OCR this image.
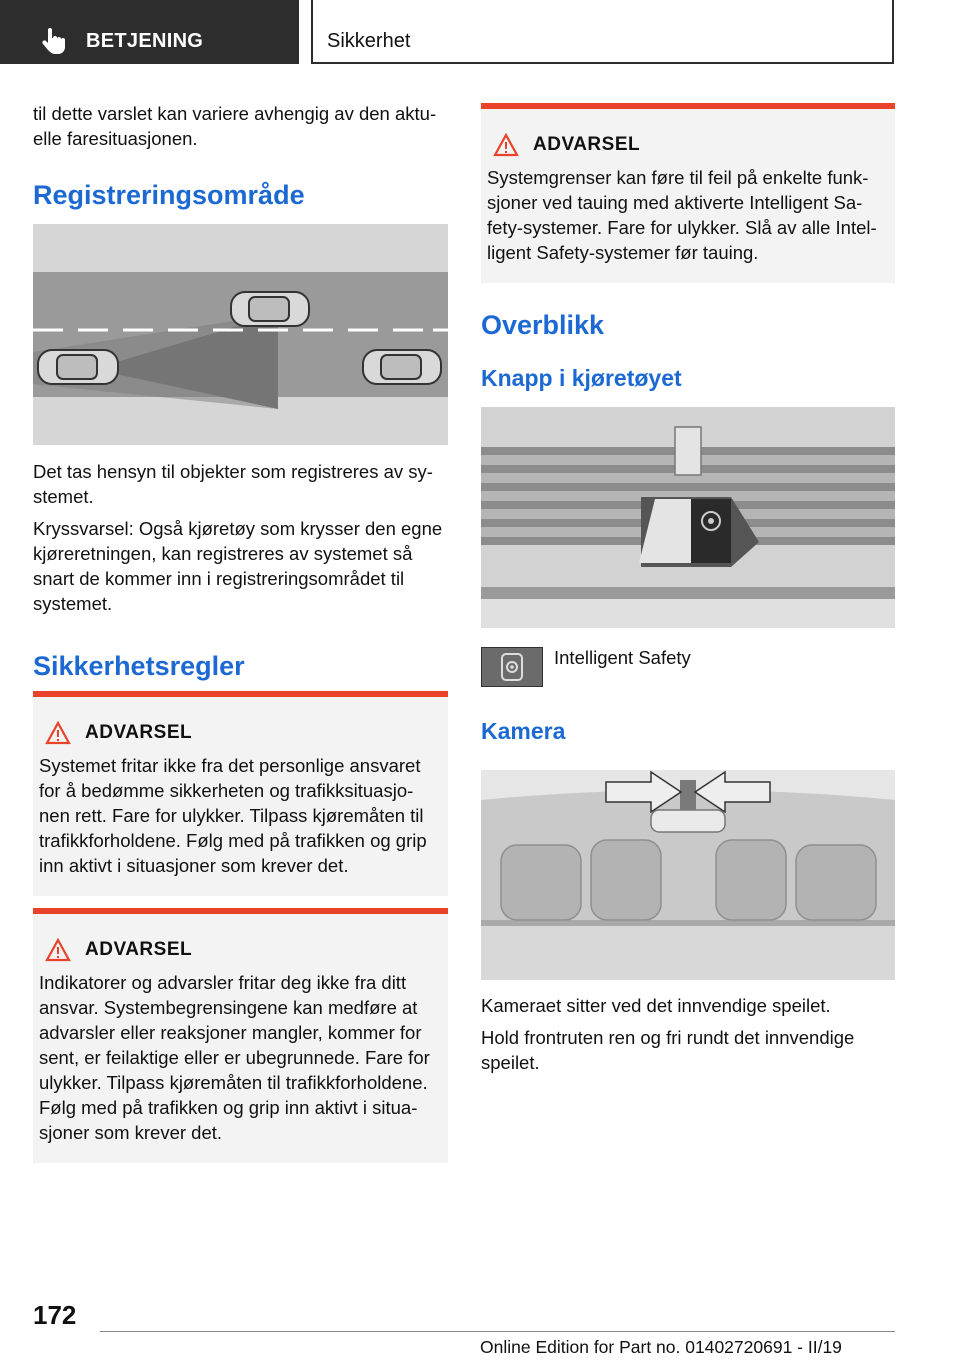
BETJENING	Sikkerhet

til dette varslet kan variere avhengig av den aktu-elle faresituasjonen.

Registreringsområde

Det tas hensyn til objekter som registreres av sy-stemet.

Kryssvarsel: Også kjøretøy som krysser den egne kjøreretningen, kan registreres av systemet så snart de kommer inn i registreringsområdet til systemet.

Sikkerhetsregler
ADVARSEL
Systemet fritar ikke fra det personlige ansvaret for å bedømme sikkerheten og trafikksituasjo-nen rett. Fare for ulykker. Tilpass kjøremåten til trafikkforholdene. Følg med på trafikken og grip inn aktivt i situasjoner som krever det.
ADVARSEL
Indikatorer og advarsler fritar deg ikke fra ditt ansvar. Systembegrensingene kan medføre at advarsler eller reaksjoner mangler, kommer for sent, er feilaktige eller er ubegrunnede. Fare for ulykker. Tilpass kjøremåten til trafikkforholdene. Følg med på trafikken og grip inn aktivt i situa-sjoner som krever det.
ADVARSEL
Systemgrenser kan føre til feil på enkelte funk-sjoner ved tauing med aktiverte Intelligent Sa-fety-systemer. Fare for ulykker. Slå av alle Intel-ligent Safety-systemer før tauing.
Overblikk
Knapp i kjøretøyet

Intelligent Safety

Kamera

Kameraet sitter ved det innvendige speilet.

Hold frontruten ren og fri rundt det innvendige speilet.

172
Online Edition for Part no. 01402720691 - II/19
